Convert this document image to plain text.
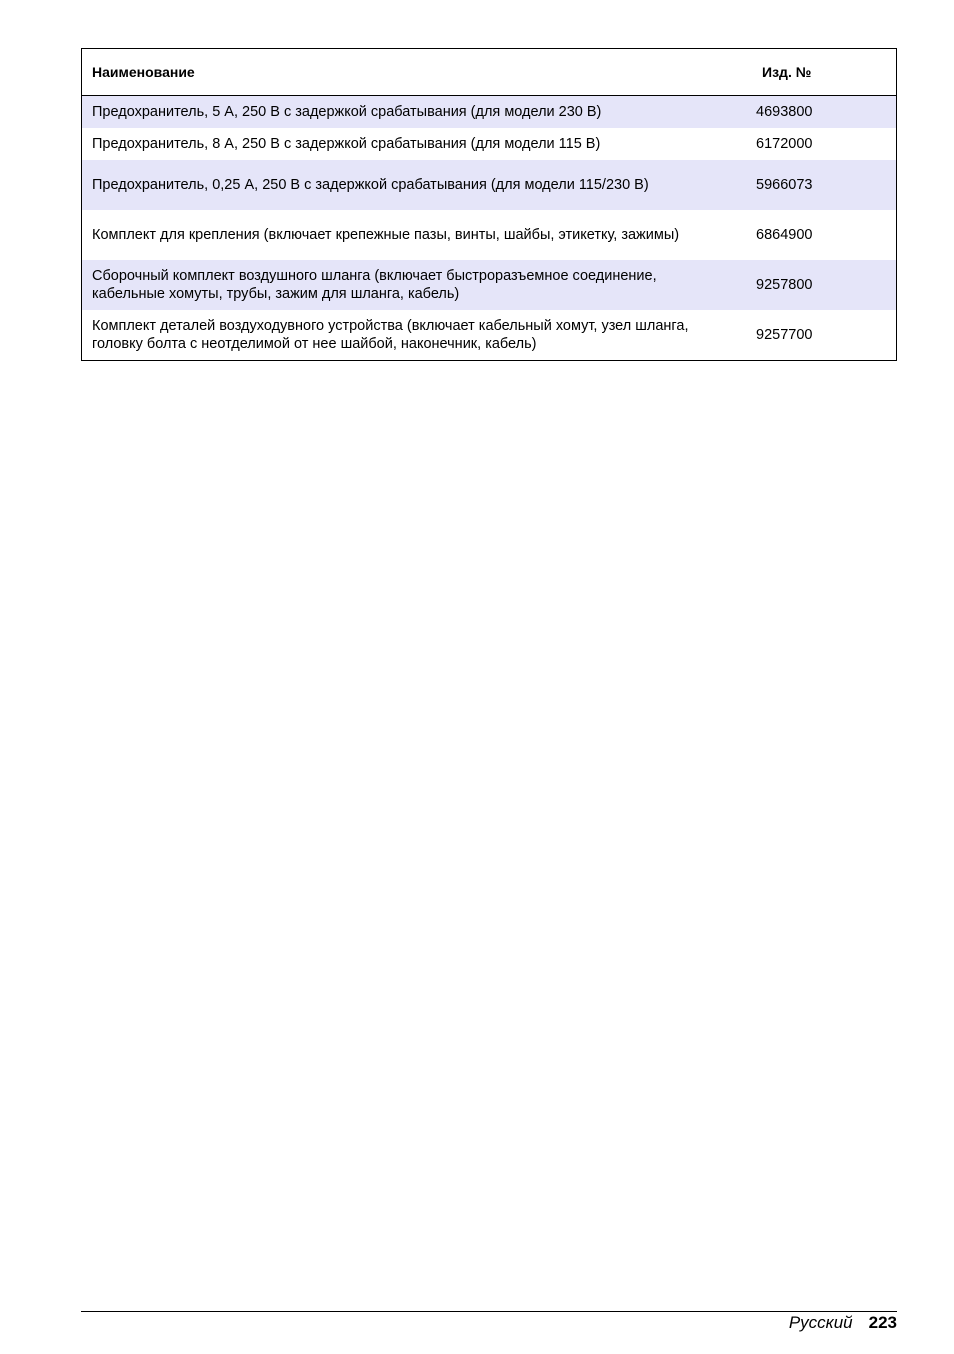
Наименование	Изд. №
Предохранитель, 5 A, 250 В с задержкой срабатывания (для модели 230 В)	4693800
Предохранитель, 8 A, 250 В с задержкой срабатывания (для модели 115 В)	6172000
Предохранитель, 0,25 A, 250 В с задержкой срабатывания (для модели 115/230 В)	5966073
Комплект для крепления (включает крепежные пазы, винты, шайбы, этикетку, зажимы)	6864900
Сборочный комплект воздушного шланга (включает быстроразъемное соединение, кабельные хомуты, трубы, зажим для шланга, кабель)	9257800
Комплект деталей воздуходувного устройства (включает кабельный хомут, узел шланга, головку болта с неотделимой от нее шайбой, наконечник, кабель)	9257700
Русский 223
